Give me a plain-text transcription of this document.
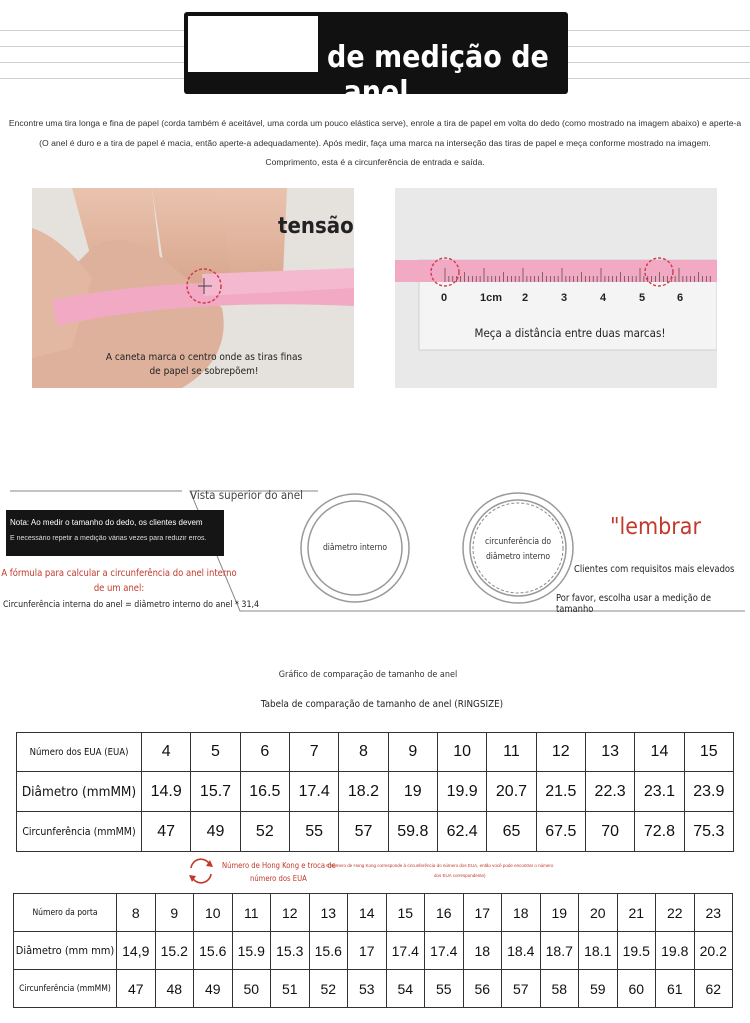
Método de medição de anel
Encontre uma tira longa e fina de papel (corda também é aceitável, uma corda um pouco elástica serve), enrole a tira de papel em volta do dedo (como mostrado na imagem abaixo) e aperte-a
(O anel é duro e a tira de papel é macia, então aperte-a adequadamente). Após medir, faça uma marca na interseção das tiras de papel e meça conforme mostrado na imagem.
Comprimento, esta é a circunferência de entrada e saída.
tensão
A caneta marca o centro onde as tiras finas de papel se sobrepõem!
0	1cm 2	3	4	5	6
Meça a distância entre duas marcas!
Vista superior do anel
Nota: Ao medir o tamanho do dedo, os clientes devem
É necessário repetir a medição várias vezes para reduzir erros.
A fórmula para calcular a circunferência do anel interno
de um anel:
Circunferência interna do anel = diâmetro interno do anel * 31,4
diâmetro interno
circunferência do
diâmetro interno
"lembrar
Clientes com requisitos mais elevados
Por favor, escolha usar a medição de tamanho
Gráfico de comparação de tamanho de anel
Tabela de comparação de tamanho de anel (RINGSIZE)
Número dos EUA (EUA)	4	5	6	7	8	9	10	11	12	13	14	15
Diâmetro (mmMM)	14.9	15.7	16.5	17.4	18.2	19	19.9	20.7	21.5	22.3	23.1	23.9
Circunferência (mmMM)	47	49	52	55	57	59.8	62.4	65	67.5	70	72.8	75.3
Número de Hong Kong e troca de
número dos EUA
O número de Hong Kong corresponde à circunferência do número dos EUA, então você pode encontrar o número
dos EUA correspondente)
Número da porta	8	9	10	11	12	13	14	15	16	17	18	19	20	21	22	23
Diâmetro (mm mm)	14,9	15.2	15.6	15.9	15.3	15.6	17	17.4	17.4	18	18.4	18.7	18.1	19.5	19.8	20.2
Circunferência (mmMM)	47	48	49	50	51	52	53	54	55	56	57	58	59	60	61	62
